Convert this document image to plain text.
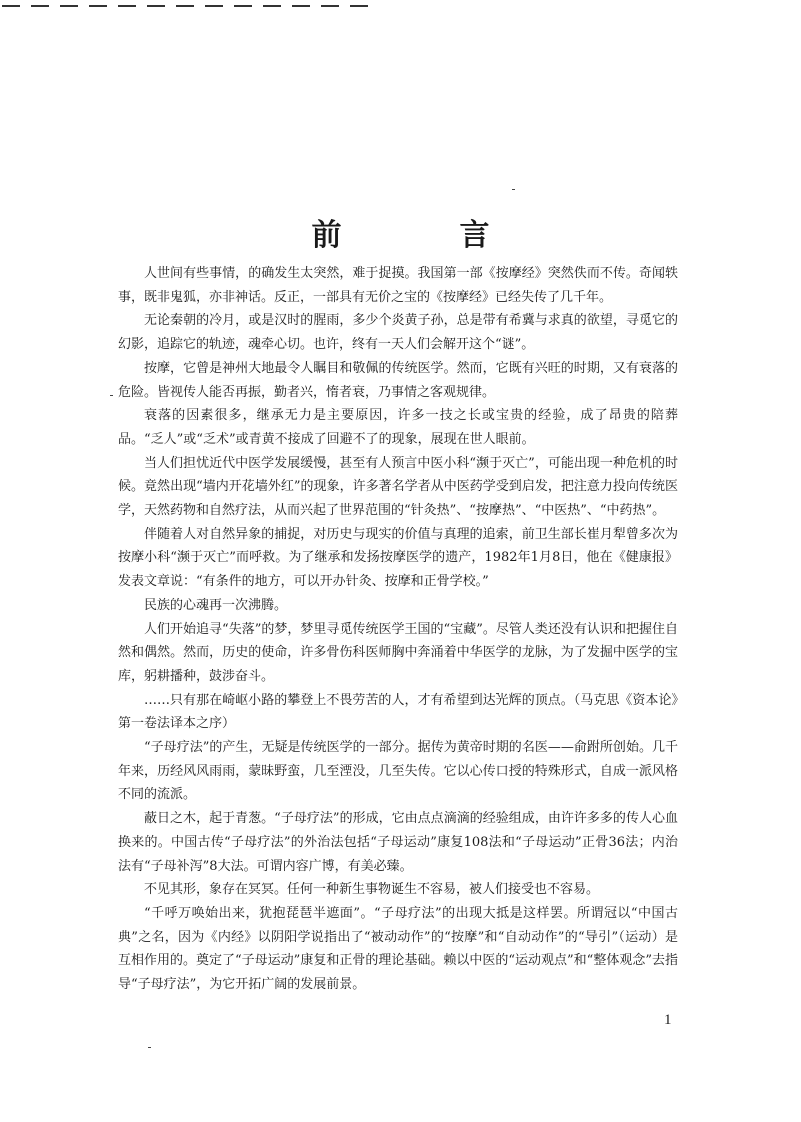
前　言

人世间有些事情，的确发生太突然，难于捉摸。我国第一部《按摩经》突然佚而不传。奇闻轶事，既非鬼狐，亦非神话。反正，一部具有无价之宝的《按摩经》已经失传了几千年。

无论秦朝的冷月，或是汉时的腥雨，多少个炎黄子孙，总是带有希冀与求真的欲望，寻觅它的幻影，追踪它的轨迹，魂牵心切。也许，终有一天人们会解开这个“谜”。

按摩，它曾是神州大地最令人瞩目和敬佩的传统医学。然而，它既有兴旺的时期，又有衰落的危险。皆视传人能否再振，勤者兴，惰者衰，乃事情之客观规律。

衰落的因素很多，继承无力是主要原因，许多一技之长或宝贵的经验，成了昂贵的陪葬品。“乏人”或“乏术”或青黄不接成了回避不了的现象，展现在世人眼前。

当人们担忧近代中医学发展缓慢，甚至有人预言中医小科“濒于灭亡”，可能出现一种危机的时候。竟然出现“墙内开花墙外红”的现象，许多著名学者从中医药学受到启发，把注意力投向传统医学，天然药物和自然疗法，从而兴起了世界范围的“针灸热”、“按摩热”、“中医热”、“中药热”。

伴随着人对自然异象的捕捉，对历史与现实的价值与真理的追索，前卫生部长崔月犁曾多次为按摩小科“濒于灭亡”而呼救。为了继承和发扬按摩医学的遗产，1982年1月8日，他在《健康报》发表文章说：“有条件的地方，可以开办针灸、按摩和正骨学校。”

民族的心魂再一次沸腾。

人们开始追寻“失落”的梦，梦里寻觅传统医学王国的“宝藏”。尽管人类还没有认识和把握住自然和偶然。然而，历史的使命，许多骨伤科医师胸中奔涌着中华医学的龙脉，为了发掘中医学的宝库，躬耕播种，鼓涉奋斗。

……只有那在崎岖小路的攀登上不畏劳苦的人，才有希望到达光辉的顶点。（马克思《资本论》第一卷法译本之序）

“子母疗法”的产生，无疑是传统医学的一部分。据传为黄帝时期的名医——俞跗所创始。几千年来，历经风风雨雨，蒙昧野蛮，几至湮没，几至失传。它以心传口授的特殊形式，自成一派风格不同的流派。

蔽日之木，起于青葱。“子母疗法”的形成，它由点点滴滴的经验组成，由许许多多的传人心血换来的。中国古传“子母疗法”的外治法包括“子母运动”康复108法和“子母运动”正骨36法；内治法有“子母补泻”8大法。可谓内容广博，有美必臻。

不见其形，象存在冥冥。任何一种新生事物诞生不容易，被人们接受也不容易。

“千呼万唤始出来，犹抱琵琶半遮面”。“子母疗法”的出现大抵是这样罢。所谓冠以“中国古典”之名，因为《内经》以阴阳学说指出了“被动动作”的“按摩”和“自动动作”的“导引”（运动）是互相作用的。奠定了“子母运动”康复和正骨的理论基础。赖以中医的“运动观点”和“整体观念”去指导“子母疗法”，为它开拓广阔的发展前景。

1
